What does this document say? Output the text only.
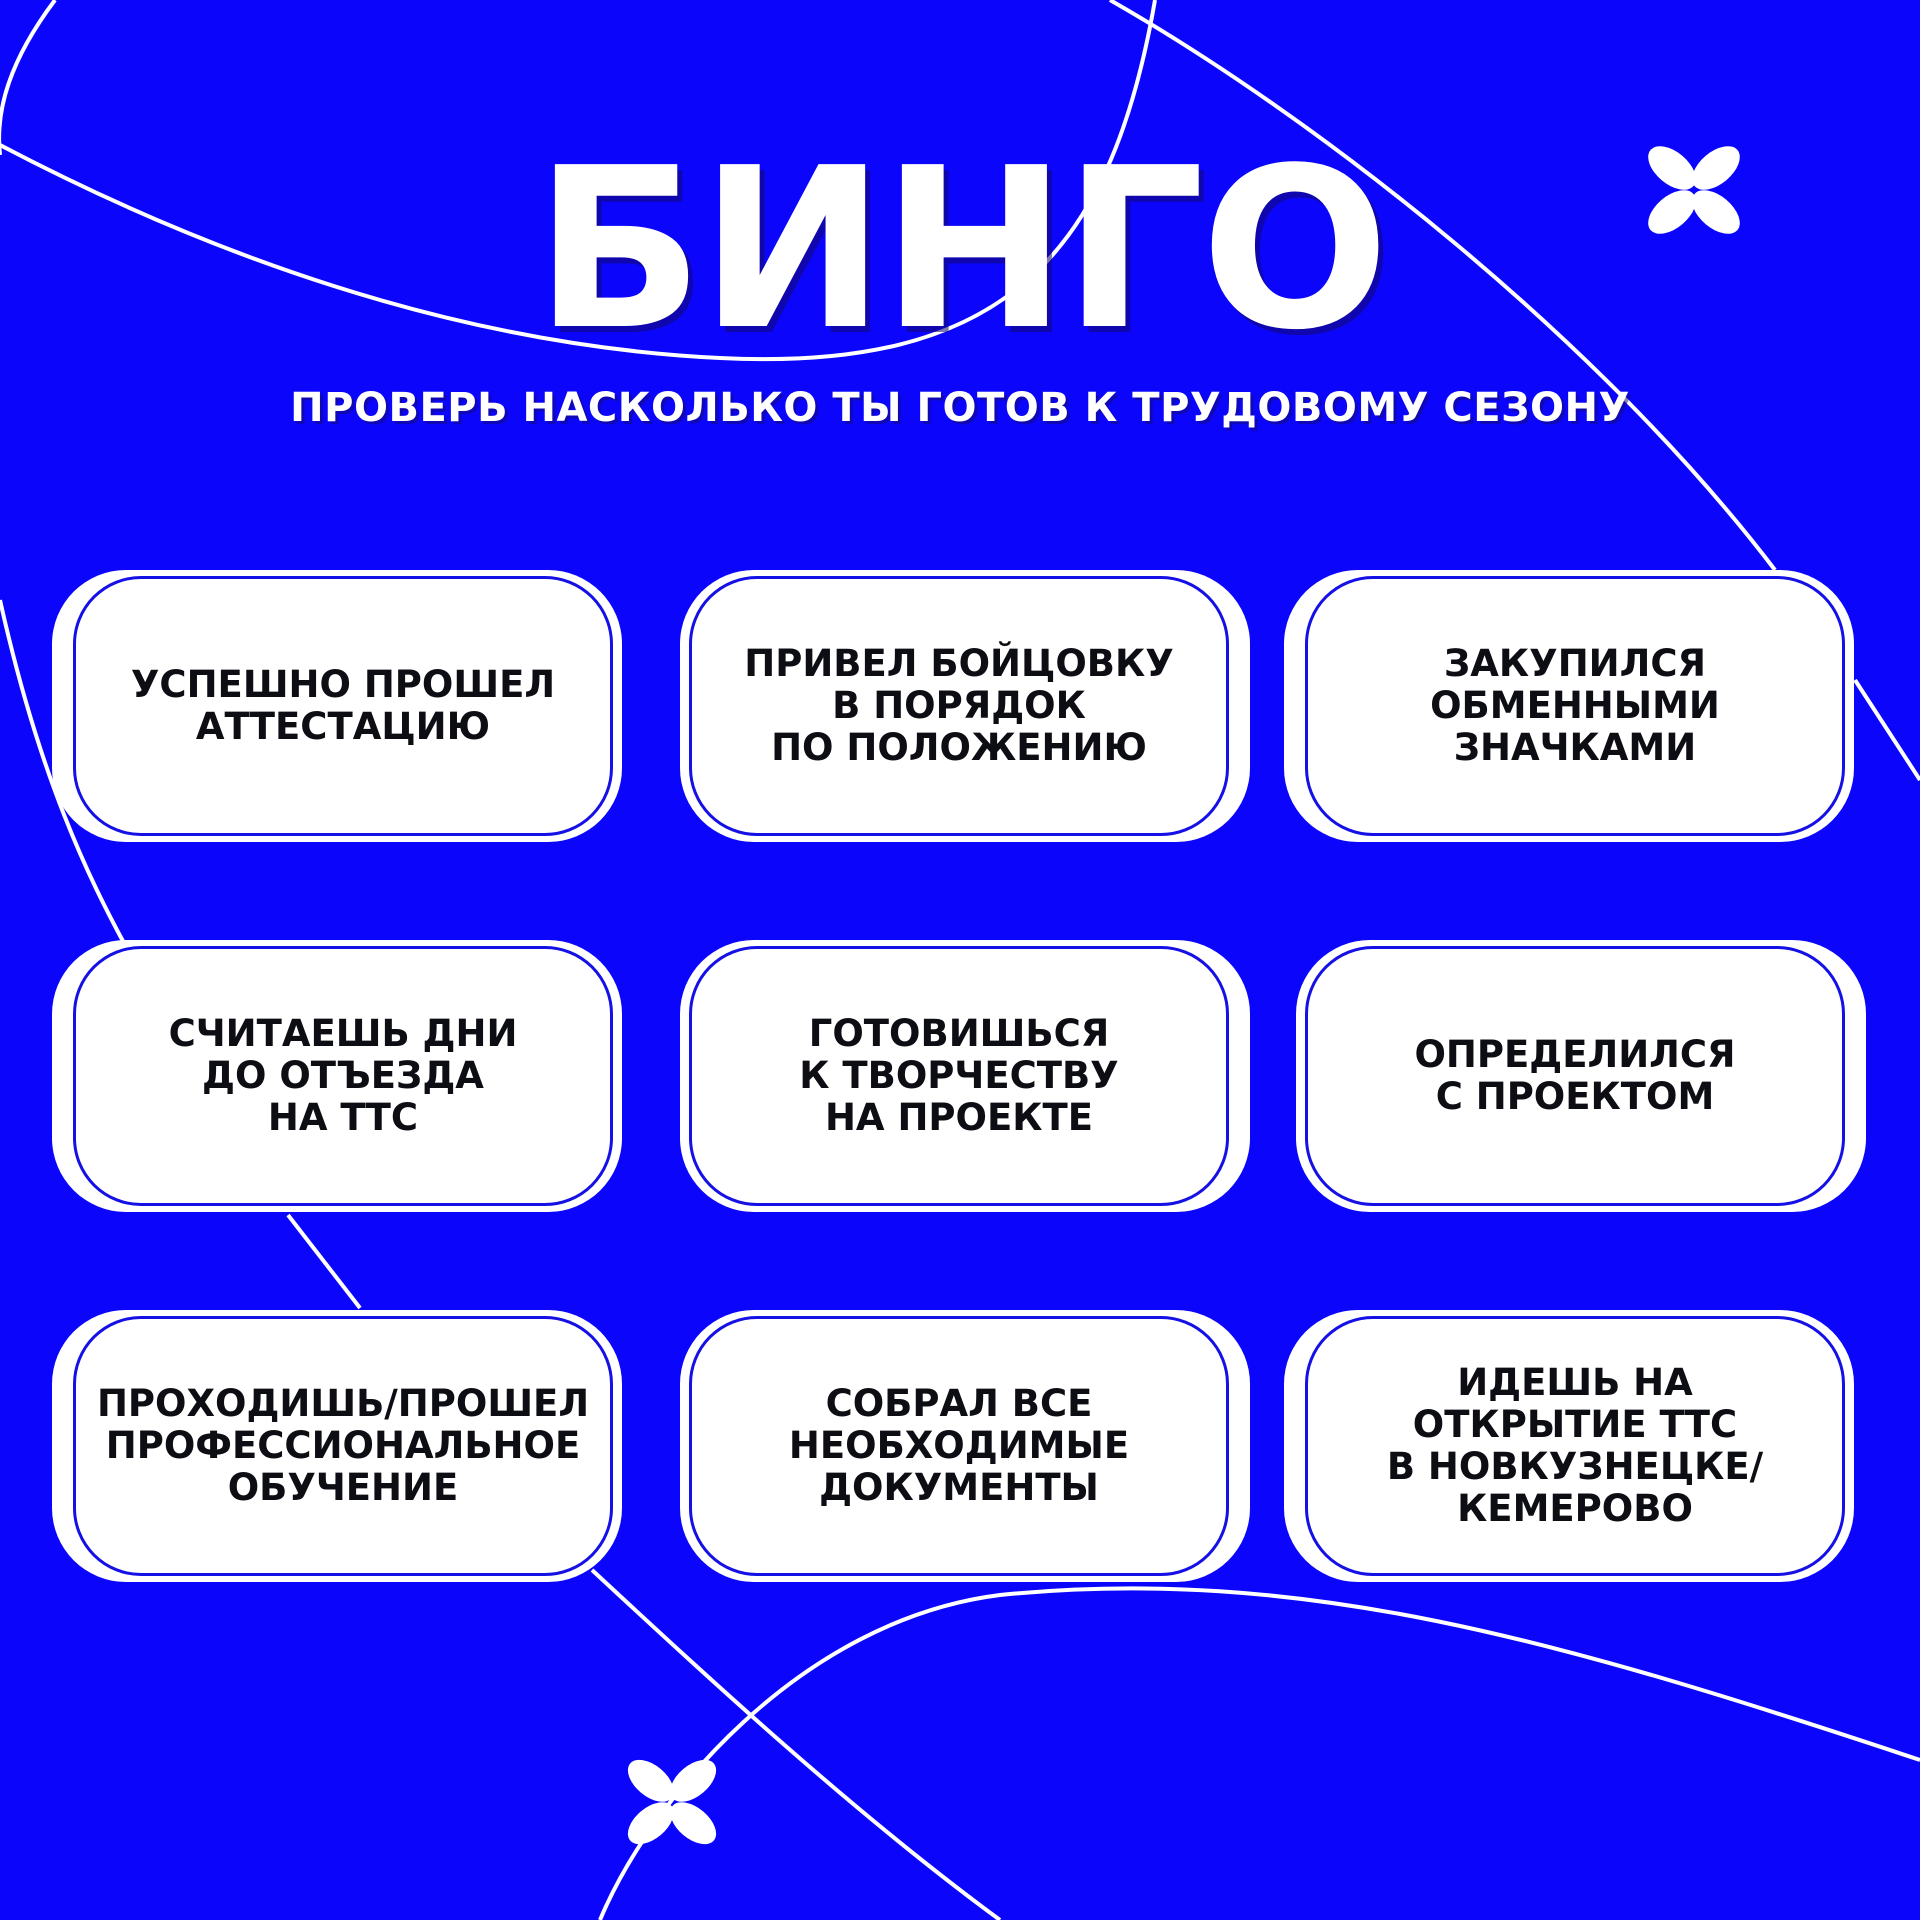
БИНГО
ПРОВЕРЬ НАСКОЛЬКО ТЫ ГОТОВ К ТРУДОВОМУ СЕЗОНУ
УСПЕШНО ПРОШЕЛ
АТТЕСТАЦИЮ
ПРИВЕЛ БОЙЦОВКУ
В ПОРЯДОК
ПО ПОЛОЖЕНИЮ
ЗАКУПИЛСЯ
ОБМЕННЫМИ
ЗНАЧКАМИ
СЧИТАЕШЬ ДНИ
ДО ОТЪЕЗДА
НА ТТС
ГОТОВИШЬСЯ
К ТВОРЧЕСТВУ
НА ПРОЕКТЕ
ОПРЕДЕЛИЛСЯ
С ПРОЕКТОМ
ПРОХОДИШЬ/ПРОШЕЛ
ПРОФЕССИОНАЛЬНОЕ
ОБУЧЕНИЕ
СОБРАЛ ВСЕ
НЕОБХОДИМЫЕ
ДОКУМЕНТЫ
ИДЕШЬ НА
ОТКРЫТИЕ ТТС
В НОВКУЗНЕЦКЕ/
КЕМЕРОВО
